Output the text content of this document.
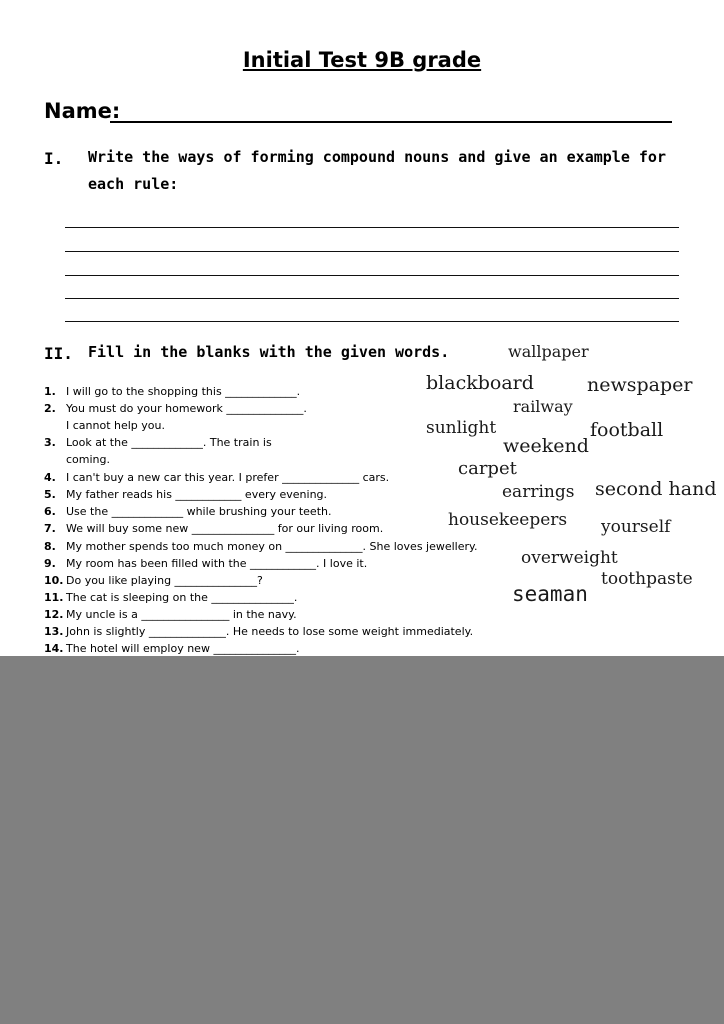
Initial Test 9B grade
Name:
I. Write the ways of forming compound nouns and give an example for
each rule:
II. Fill in the blanks with the given words.
1. I will go to the shopping this _____________.
2. You must do your homework ______________.
I cannot help you.
3. Look at the _____________. The train is
coming.
4. I can't buy a new car this year. I prefer ______________ cars.
5. My father reads his ____________ every evening.
6. Use the _____________ while brushing your teeth.
7. We will buy some new _______________ for our living room.
8. My mother spends too much money on ______________. She loves jewellery.
9. My room has been filled with the ____________. I love it.
10. Do you like playing _______________?
11. The cat is sleeping on the _______________.
12. My uncle is a ________________ in the navy.
13. John is slightly ______________. He needs to lose some weight immediately.
14. The hotel will employ new _______________.
wallpaper
blackboard	newspaper
railway
sunlight	football
weekend
carpet
earrings second hand
housekeepers yourself
overweight
toothpaste
seaman
